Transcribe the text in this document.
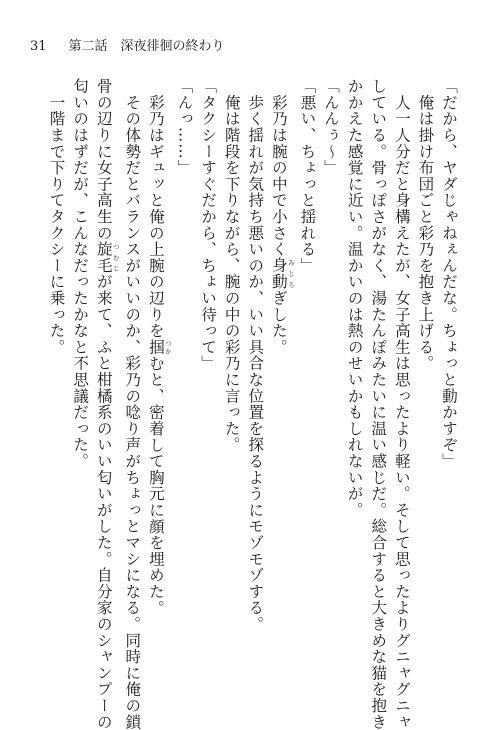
31 第二話　深夜徘徊の終わり

「だから、ヤダじゃねぇんだな。ちょっと動かすぞ」

　俺は掛け布団ごと彩乃を抱き上げる。

　人一人分だと身構えたが、女子高生は思ったより軽い。そして思ったよりグニャグニャ

している。骨っぽさがなく、湯たんぽみたいに温い感じだ。総合すると大きめな猫を抱き

かかえた感覚に近い。温かいのは熱のせいかもしれないが。

「んんぅ〜」

「悪い、ちょっと揺れる」

　彩乃は腕の中で小さく身動 みじろぎした。

　歩く揺れが気持ち悪いのか、いい具合な位置を探るようにモゾモゾする。

　俺は階段を下りながら、腕の中の彩乃に言った。

「タクシーすぐだから、ちょい待って」

「んっ……」

　彩乃はギュッと俺の上腕の辺りを掴 つかむと、密着して胸元に顔を埋めた。

　その体勢だとバランスがいいのか、彩乃の唸り声がちょっとマシになる。同時に俺の鎖

骨の辺りに女子高生の旋毛 つむじが来て、ふと柑橘系のいい匂いがした。自分家のシャンプーの

匂いのはずだが、こんなだったかなと不思議だった。

　一階まで下りてタクシーに乗った。
